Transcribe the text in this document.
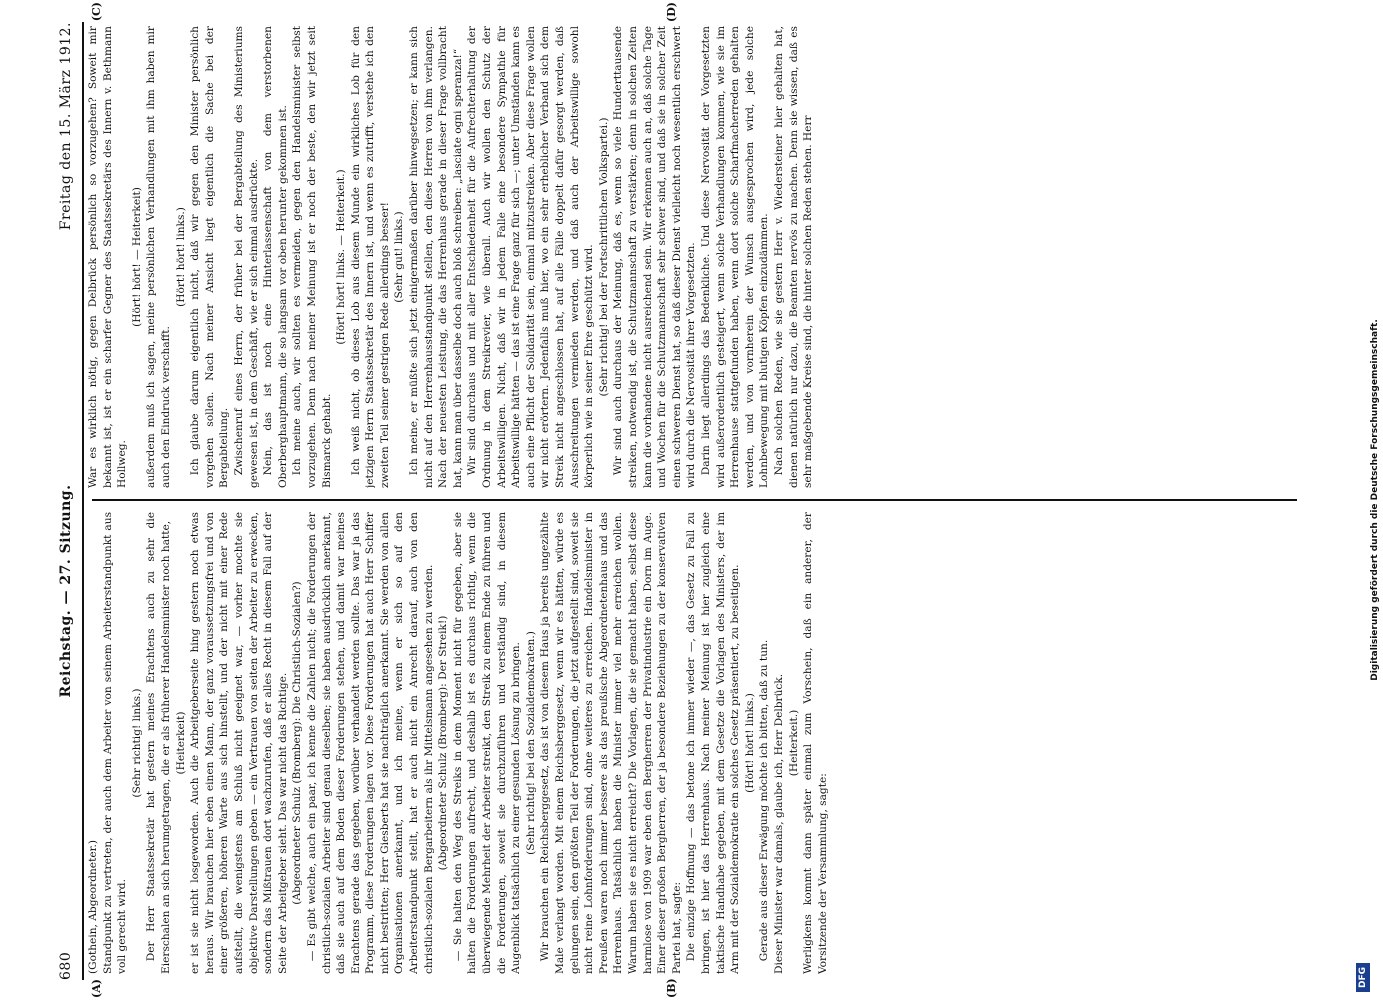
680
Reichstag. — 27. Sitzung.
Freitag den 15. März 1912.
(A)	(B)
(C)	(D)

(Gothein, Abgeordneter.) Standpunkt zu vertreten, der auch dem Arbeiter von seinem Arbeiterstandpunkt aus voll gerecht wird.

(Sehr richtig! links.) Der Herr Staatssekretär hat gestern meines Erachtens auch zu sehr die Eierschalen an sich herumgetragen, die er als früherer Handelsminister noch hatte, (Heiterkeit) er ist sie nicht losgeworden. Auch die Arbeitgeberseite hing gestern noch etwas heraus. Wir brauchen hier eben einen Mann, der ganz voraussetzungsfrei und von einer größeren, höheren Warte aus sich hinstellt, und der nicht mit einer Rede aufstellt, die wenigstens am Schluß nicht geeignet war, — vorher mochte sie objektive Darstellungen geben — ein Vertrauen von seiten der Arbeiter zu erwecken, sondern das Mißtrauen dort wachzurufen, daß er alles Recht in diesem Fall auf der Seite der Arbeitgeber sieht. Das war nicht das Richtige. (Abgeordneter Schulz (Bromberg): Die Christlich-Sozialen?) — Es gibt welche, auch ein paar, ich kenne die Zahlen nicht; die Forderungen der christlich-sozialen Arbeiter sind genau dieselben; sie haben ausdrücklich anerkannt, daß sie auch auf dem Boden dieser Forderungen stehen, und damit war meines Erachtens gerade das gegeben, worüber verhandelt werden sollte. Das war ja das Programm, diese Forderungen lagen vor. Diese Forderungen hat auch Herr Schiffer nicht bestritten; Herr Giesberts hat sie nachträglich anerkannt. Sie werden von allen Organisationen anerkannt, und ich meine, wenn er sich so auf den Arbeiterstandpunkt stellt, hat er auch nicht ein Anrecht darauf, auch von den christlich-sozialen Bergarbeitern als ihr Mittelsmann angesehen zu werden. (Abgeordneter Schulz (Bromberg): Der Streik!) — Sie halten den Weg des Streiks in dem Moment nicht für gegeben, aber sie halten die Forderungen aufrecht, und deshalb ist es durchaus richtig, wenn die überwiegende Mehrheit der Arbeiter streikt, den Streik zu einem Ende zu führen und die Forderungen, soweit sie durchzuführen und verständig sind, in diesem Augenblick tatsächlich zu einer gesunden Lösung zu bringen. (Sehr richtig! bei den Sozialdemokraten.) Wir brauchen ein Reichsberggesetz, das ist von diesem Haus ja bereits ungezählte Male verlangt worden. Mit einem Reichsberggesetz, wenn wir es hätten, würde es gelungen sein, den größten Teil der Forderungen, die jetzt aufgestellt sind, soweit sie nicht reine Lohnforderungen sind, ohne weiteres zu erreichen. Handelsminister in Preußen waren noch immer bessere als das preußische Abgeordnetenhaus und das Herrenhaus. Tatsächlich haben die Minister immer viel mehr erreichen wollen. Warum haben sie es nicht erreicht? Die Vorlagen, die sie gemacht haben, selbst diese harmlose von 1909 war eben den Bergherren der Privatindustrie ein Dorn im Auge. Einer dieser großen Bergherren, der ja besondere Beziehungen zu der konservativen Partei hat, sagte: Die einzige Hoffnung — das betone ich immer wieder —, das Gesetz zu Fall zu bringen, ist hier das Herrenhaus. Nach meiner Meinung ist hier zugleich eine taktische Handhabe gegeben, mit dem Gesetze die Vorlagen des Ministers, der im Arm mit der Sozialdemokratie ein solches Gesetz präsentiert, zu beseitigen. (Hört! hört! links.) Gerade aus dieser Erwägung möchte ich bitten, daß zu tun. Dieser Minister war damals, glaube ich, Herr Delbrück. (Heiterkeit.) Werligkens kommt dann später einmal zum Vorschein, daß ein anderer, der Vorsitzende der Versammlung, sagte:

War es wirklich nötig, gegen Delbrück persönlich so vorzugehen? Soweit mir bekannt ist, ist er ein scharfer Gegner des Staatssekretärs des Innern v. Bethmann Hollweg.

(Hört! hört! — Heiterkeit) außerdem muß ich sagen, meine persönlichen Verhandlungen mit ihm haben mir auch den Eindruck verschafft.

(Hört! hört! links.) Ich glaube darum eigentlich nicht, daß wir gegen den Minister persönlich vorgehen sollen. Nach meiner Ansicht liegt eigentlich die Sache bei der Bergabteilung. Zwischenruf eines Herrn, der früher bei der Bergabteilung des Ministeriums gewesen ist, in dem Geschäft, wie er sich einmal ausdrückte. Nein, das ist noch eine Hinterlassenschaft von dem verstorbenen Oberberghauptmann, die so langsam vor oben herunter gekommen ist. Ich meine auch, wir sollten es vermeiden, gegen den Handelsminister selbst vorzugehen. Denn nach meiner Meinung ist er noch der beste, den wir jetzt seit Bismarck gehabt.

(Hört! hört! links. — Heiterkeit.) Ich weiß nicht, ob dieses Lob aus diesem Munde ein wirkliches Lob für den jetzigen Herrn Staatssekretär des Innern ist, und wenn es zutrifft, verstehe ich den zweiten Teil seiner gestrigen Rede allerdings besser! (Sehr gut! links.) Ich meine, er müßte sich jetzt einigermaßen darüber hinwegsetzen; er kann sich nicht auf den Herrenhausstandpunkt stellen, den diese Herren von ihm verlangen. Nach der neuesten Leistung, die das Herrenhaus gerade in dieser Frage vollbracht hat, kann man über dasselbe doch auch bloß schreiben: „lasciate ogni speranza!“ Wir sind durchaus und mit aller Entschiedenheit für die Aufrechterhaltung der Ordnung in dem Streikrevier, wie überall. Auch wir wollen den Schutz der Arbeitswilligen. Nicht, daß wir in jedem Falle eine besondere Sympathie für Arbeitswillige hätten — das ist eine Frage ganz für sich —; unter Umständen kann es auch eine Pflicht der Solidarität sein, einmal mitzustreiken. Aber diese Frage wollen wir nicht erörtern. Jedenfalls muß hier, wo ein sehr erheblicher Verband sich dem Streik nicht angeschlossen hat, auf alle Fälle doppelt dafür gesorgt werden, daß Ausschreitungen vermieden werden, und daß auch der Arbeitswillige sowohl körperlich wie in seiner Ehre geschützt wird. (Sehr richtig! bei der Fortschrittlichen Volkspartei.) Wir sind auch durchaus der Meinung, daß es, wenn so viele Hunderttausende streiken, notwendig ist, die Schutzmannschaft zu verstärken; denn in solchen Zeiten kann die vorhandene nicht ausreichend sein. Wir erkennen auch an, daß solche Tage und Wochen für die Schutzmannschaft sehr schwer sind, und daß sie in solcher Zeit einen schweren Dienst hat, so daß dieser Dienst vielleicht noch wesentlich erschwert wird durch die Nervosität ihrer Vorgesetzten. Darin liegt allerdings das Bedenkliche. Und diese Nervosität der Vorgesetzten wird außerordentlich gesteigert, wenn solche Verhandlungen kommen, wie sie im Herrenhause stattgefunden haben, wenn dort solche Scharfmacherreden gehalten werden, und von vornherein der Wunsch ausgesprochen wird, jede solche Lohnbewegung mit blutigen Köpfen einzudämmen. Nach solchen Reden, wie sie gestern Herr v. Wiedersteiner hier gehalten hat, dienen natürlich nur dazu, die Beamten nervös zu machen. Denn sie wissen, daß es sehr maßgebende Kreise sind, die hinter solchen Reden stehen. Herr

DFG
Digitalisierung gefördert durch die Deutsche Forschungsgemeinschaft.
